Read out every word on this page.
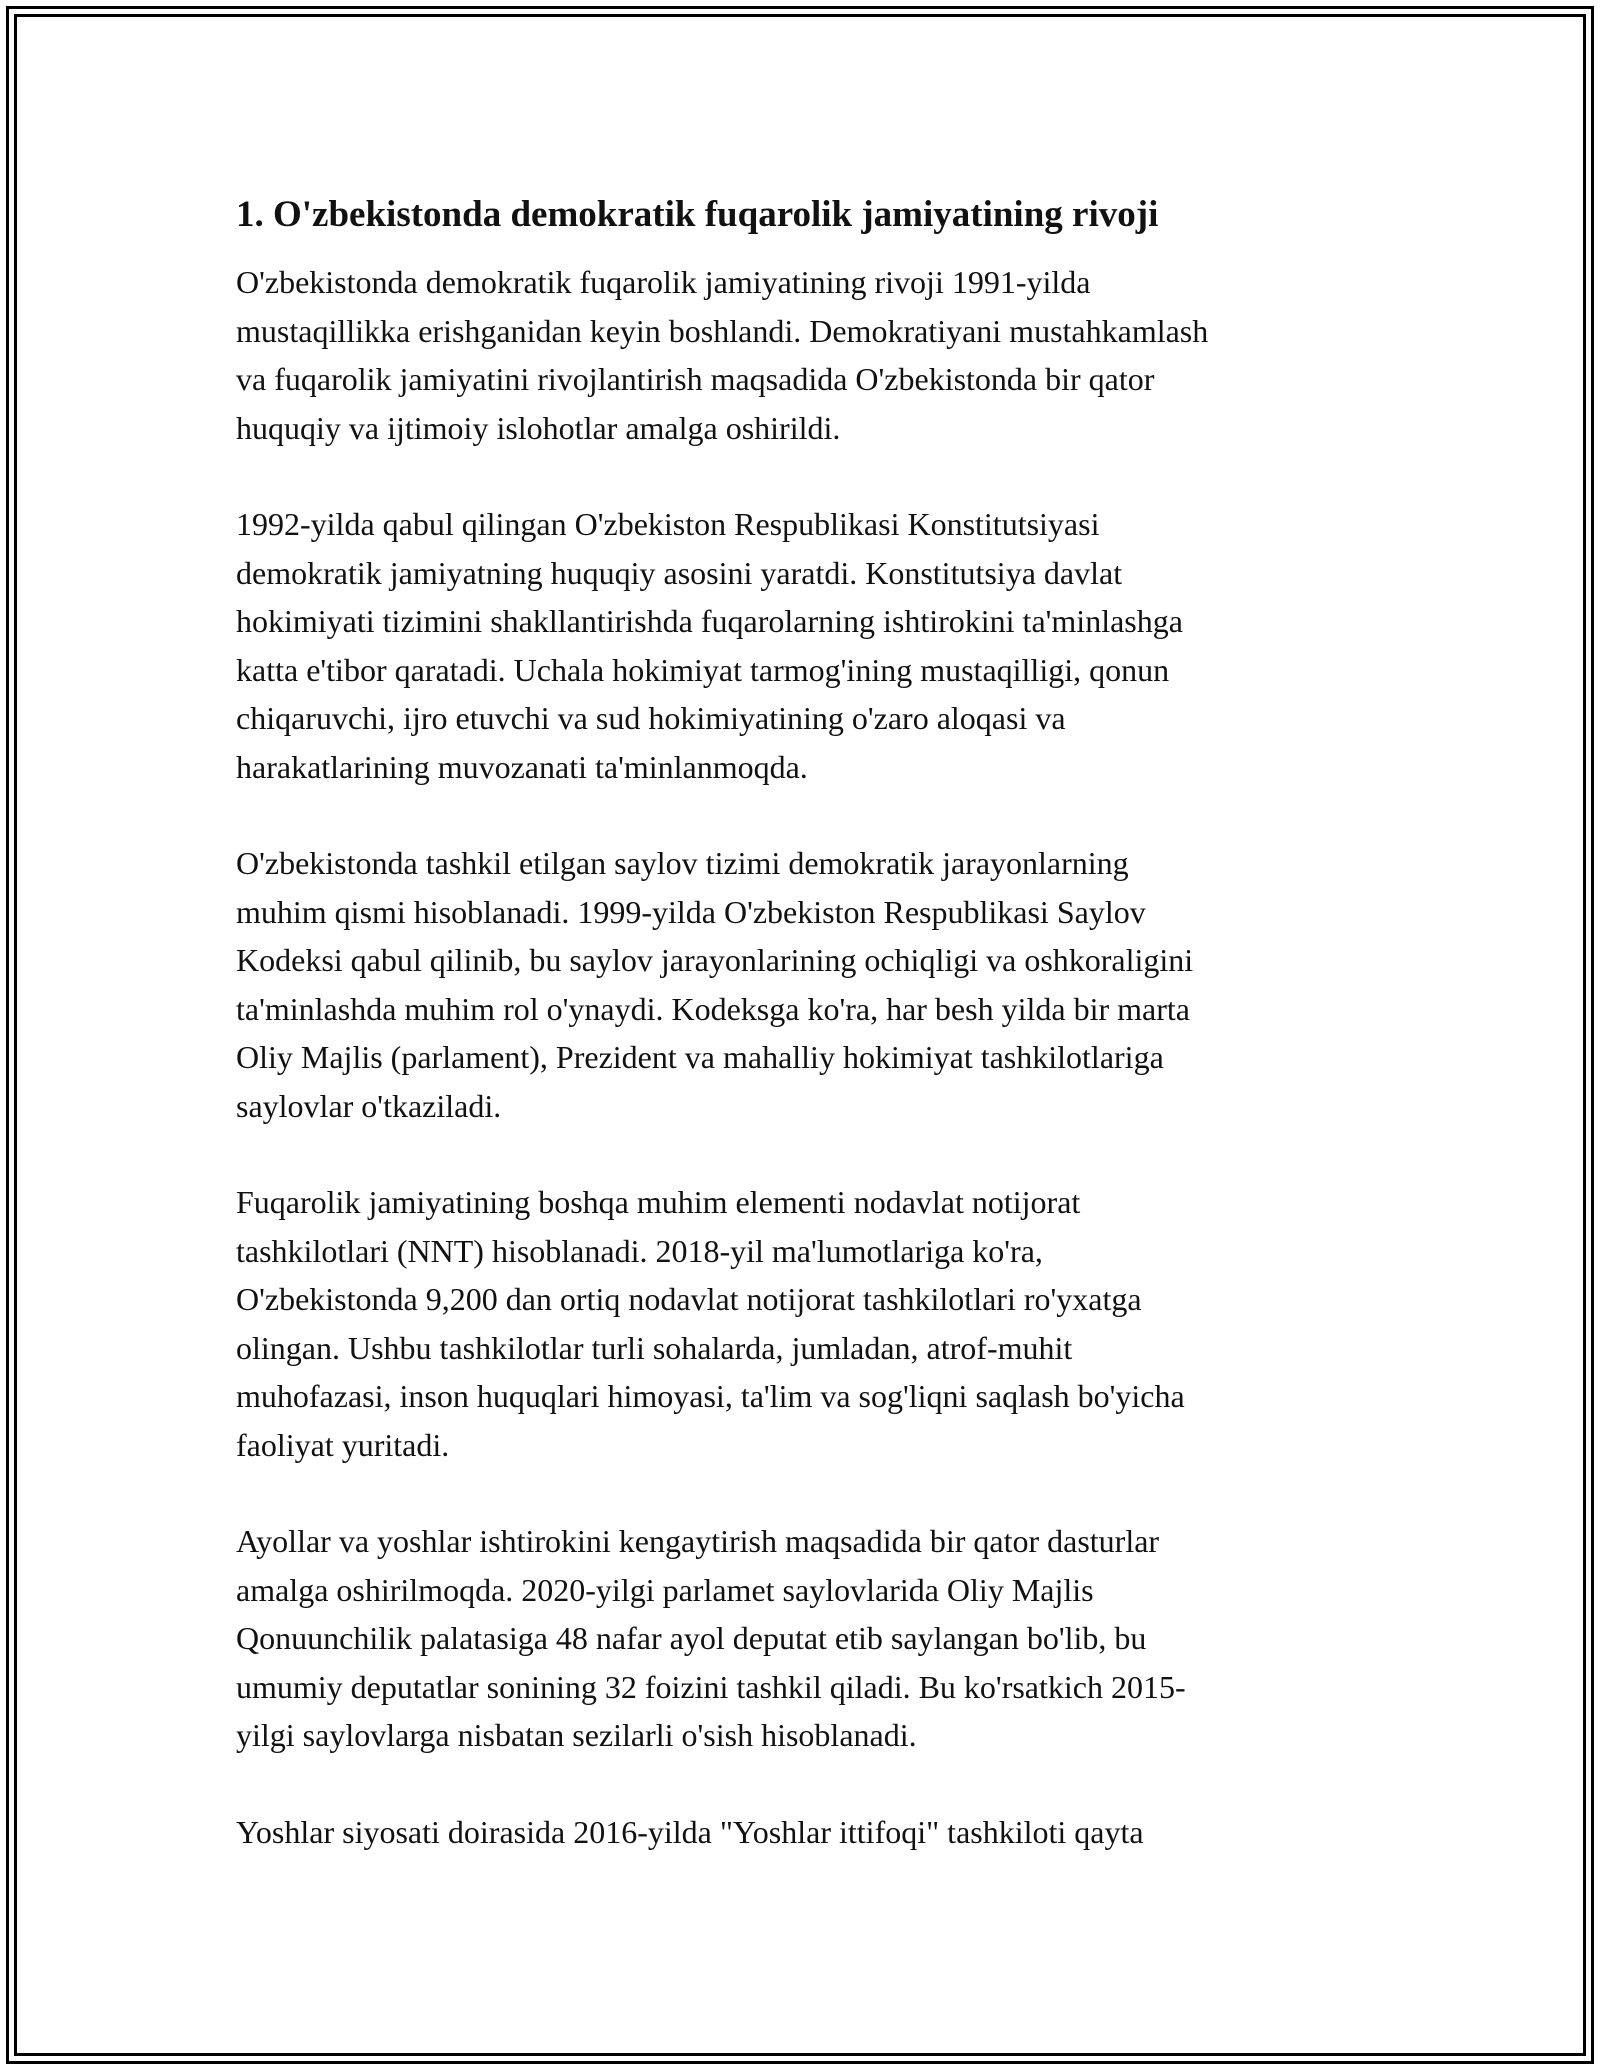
1. O'zbekistonda demokratik fuqarolik jamiyatining rivoji

O'zbekistonda demokratik fuqarolik jamiyatining rivoji 1991-yilda
mustaqillikka erishganidan keyin boshlandi. Demokratiyani mustahkamlash
va fuqarolik jamiyatini rivojlantirish maqsadida O'zbekistonda bir qator
huquqiy va ijtimoiy islohotlar amalga oshirildi.

1992-yilda qabul qilingan O'zbekiston Respublikasi Konstitutsiyasi
demokratik jamiyatning huquqiy asosini yaratdi. Konstitutsiya davlat
hokimiyati tizimini shakllantirishda fuqarolarning ishtirokini ta'minlashga
katta e'tibor qaratadi. Uchala hokimiyat tarmog'ining mustaqilligi, qonun
chiqaruvchi, ijro etuvchi va sud hokimiyatining o'zaro aloqasi va
harakatlarining muvozanati ta'minlanmoqda.

O'zbekistonda tashkil etilgan saylov tizimi demokratik jarayonlarning
muhim qismi hisoblanadi. 1999-yilda O'zbekiston Respublikasi Saylov
Kodeksi qabul qilinib, bu saylov jarayonlarining ochiqligi va oshkoraligini
ta'minlashda muhim rol o'ynaydi. Kodeksga ko'ra, har besh yilda bir marta
Oliy Majlis (parlament), Prezident va mahalliy hokimiyat tashkilotlariga
saylovlar o'tkaziladi.

Fuqarolik jamiyatining boshqa muhim elementi nodavlat notijorat
tashkilotlari (NNT) hisoblanadi. 2018-yil ma'lumotlariga ko'ra,
O'zbekistonda 9,200 dan ortiq nodavlat notijorat tashkilotlari ro'yxatga
olingan. Ushbu tashkilotlar turli sohalarda, jumladan, atrof-muhit
muhofazasi, inson huquqlari himoyasi, ta'lim va sog'liqni saqlash bo'yicha
faoliyat yuritadi.

Ayollar va yoshlar ishtirokini kengaytirish maqsadida bir qator dasturlar
amalga oshirilmoqda. 2020-yilgi parlamet saylovlarida Oliy Majlis
Qonuunchilik palatasiga 48 nafar ayol deputat etib saylangan bo'lib, bu
umumiy deputatlar sonining 32 foizini tashkil qiladi. Bu ko'rsatkich 2015-
yilgi saylovlarga nisbatan sezilarli o'sish hisoblanadi.

Yoshlar siyosati doirasida 2016-yilda "Yoshlar ittifoqi" tashkiloti qayta
